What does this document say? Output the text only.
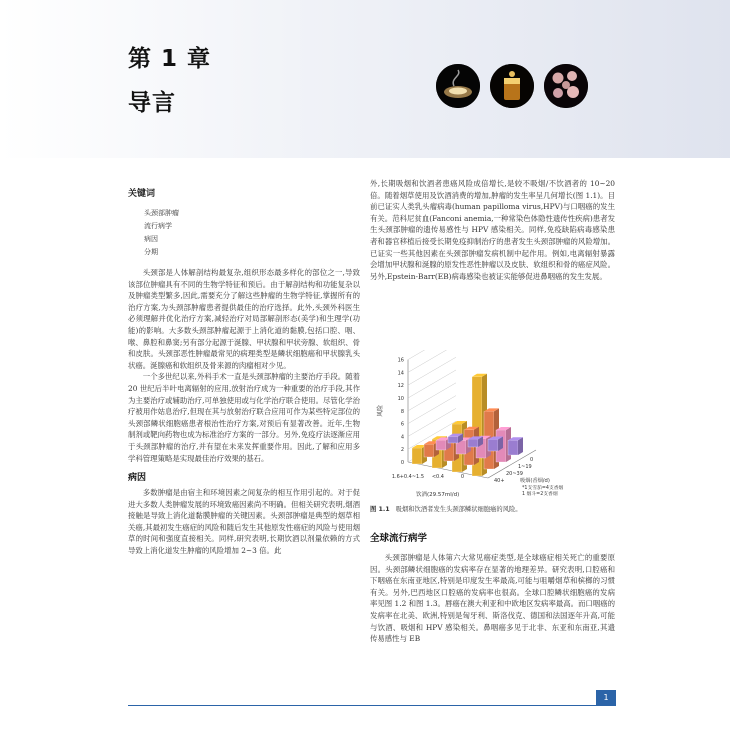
第 1 章
导言
关键词
头颈部肿瘤
流行病学
病因
分期

头颈部是人体解剖结构最复杂,组织形态最多样化的部位之一,导致该部位肿瘤具有不同的生物学特征和预后。由于解剖结构和功能复杂以及肿瘤类型繁多,因此,需要充分了解这些肿瘤的生物学特征,掌握所有的治疗方案,为头颈部肿瘤患者提供最佳的治疗选择。此外,头颈外科医生必须理解并优化治疗方案,减轻治疗对局部解剖形态(美学)和生理学(功能)的影响。大多数头颈部肿瘤起源于上消化道的黏膜,包括口腔、咽、喉、鼻腔和鼻窦;另有部分起源于涎腺、甲状腺和甲状旁腺、软组织、骨和皮肤。头颈部恶性肿瘤最常见的病理类型是鳞状细胞癌和甲状腺乳头状癌。涎腺癌和软组织及骨来源的肉瘤相对少见。

一个多世纪以来,外科手术一直是头颈部肿瘤的主要治疗手段。随着 20 世纪后半叶电离辐射的应用,放射治疗成为一种重要的治疗手段,其作为主要治疗或辅助治疗,可单独使用或与化学治疗联合使用。尽管化学治疗被用作姑息治疗,但现在其与放射治疗联合应用可作为某些特定部位的头颈部鳞状细胞癌患者根治性治疗方案,对预后有显著改善。近年,生物制剂或靶向药物也成为标准治疗方案的一部分。另外,免疫疗法逐渐应用于头颈部肿瘤的治疗,并有望在未来发挥重要作用。因此,了解和应用多学科管理策略是实现最佳治疗效果的基石。

病因

多数肿瘤是由宿主和环境因素之间复杂的相互作用引起的。对于促进大多数人类肿瘤发展的环境致癌因素尚不明确。但相关研究表明,烟酒接触是导致上消化道黏膜肿瘤的关键因素。头颈部肿瘤是典型的烟草相关癌,其最初发生癌症的风险和随后发生其他原发性癌症的风险与使用烟草的时间和强度直接相关。同样,研究表明,长期饮酒以剂量依赖的方式导致上消化道发生肿瘤的风险增加 2~3 倍。此

外,长期吸烟和饮酒者患癌风险成倍增长,是较不吸烟/不饮酒者的 10~20 倍。随着烟草使用及饮酒消费的增加,肿瘤的发生率呈几何增长(图 1.1)。目前已证实人类乳头瘤病毒(human papilloma virus,HPV)与口咽癌的发生有关。范科尼贫血(Fanconi anemia,一种常染色体隐性遗传性疾病)患者发生头颈部肿瘤的遗传易感性与 HPV 感染相关。同样,免疫缺陷病毒感染患者和器官移植后接受长期免疫抑制治疗的患者发生头颈部肿瘤的风险增加。已证实一些其他因素在头颈部肿瘤发病机制中起作用。例如,电离辐射暴露会增加甲状腺和涎腺的原发性恶性肿瘤以及皮肤、软组织和骨的癌症风险。另外,Epstein-Barr(EB)病毒感染也被证实能够促进鼻咽癌的发生发展。

0
2
4
6
8
10
12
14
16
风险
0
<0.4
0.4~1.5
1.6+
饮酒(29.57ml/d)
0
1~19
20~39
40+	吸烟(香烟/d)
*1支雪茄=4支香烟
1 烟斗=2支香烟
图 1.1 吸烟和饮酒者发生头颈部鳞状细胞癌的风险。
全球流行病学

头颈部肿瘤是人体第六大常见癌症类型,是全球癌症相关死亡的重要原因。头颈部鳞状细胞癌的发病率存在显著的地理差异。研究表明,口腔癌和下咽癌在东南亚地区,特别是印度发生率最高,可能与咀嚼烟草和槟榔的习惯有关。另外,巴西地区口腔癌的发病率也很高。全球口腔鳞状细胞癌的发病率见图 1.2 和图 1.3。唇癌在澳大利亚和中欧地区发病率最高。而口咽癌的发病率在北美、欧洲,特别是匈牙利、斯洛伐克、德国和法国逐年升高,可能与饮酒、吸烟和 HPV 感染相关。鼻咽癌多见于北非、东亚和东南亚,其遗传易感性与 EB

1
